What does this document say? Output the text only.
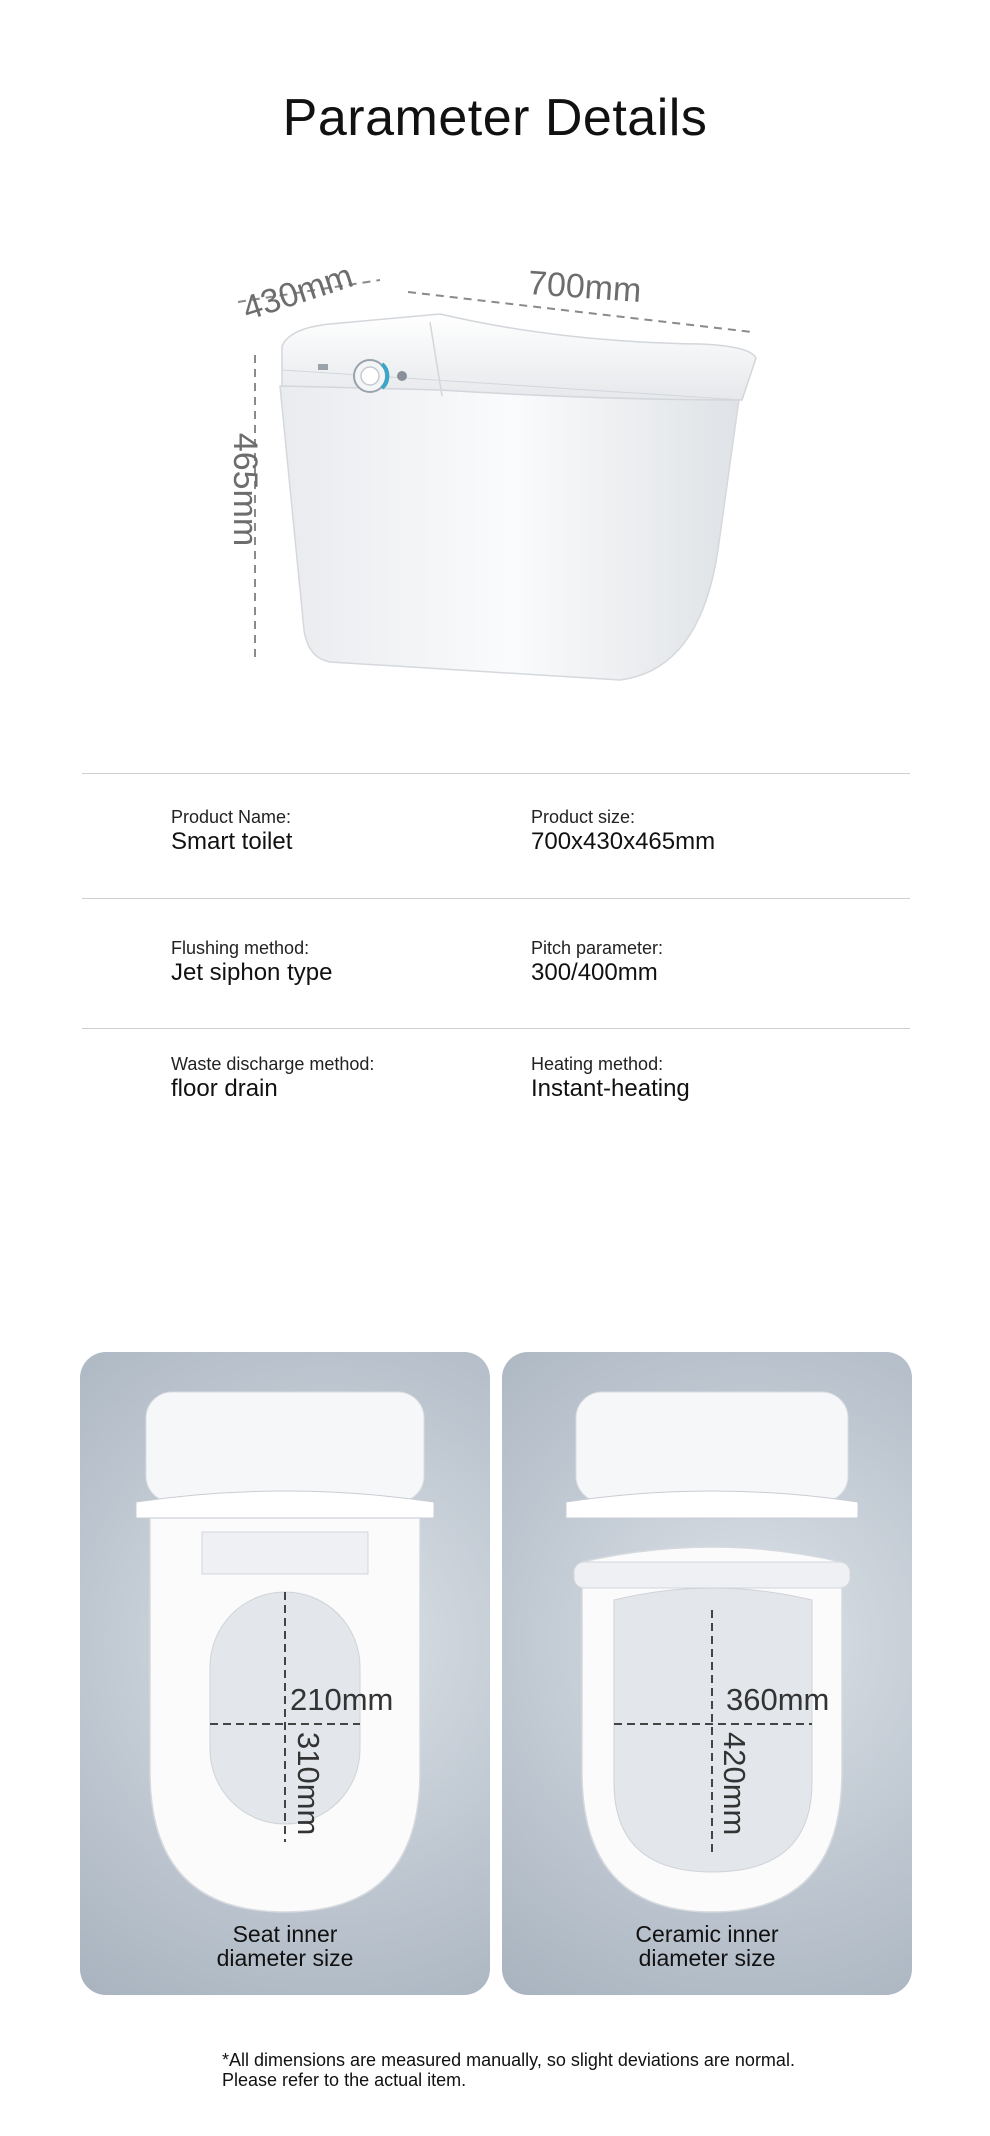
Parameter Details
430mm	700mm
465mm
Product Name:
Smart toilet
Product size:
700x430x465mm
Flushing method:
Jet siphon type
Pitch parameter:
300/400mm
Waste discharge method:
floor drain
Heating method:
Instant-heating
210mm
310mm
Seat inner
diameter size
360mm
420mm
Ceramic inner
diameter size
*All dimensions are measured manually, so slight deviations are normal. Please refer to the actual item.
